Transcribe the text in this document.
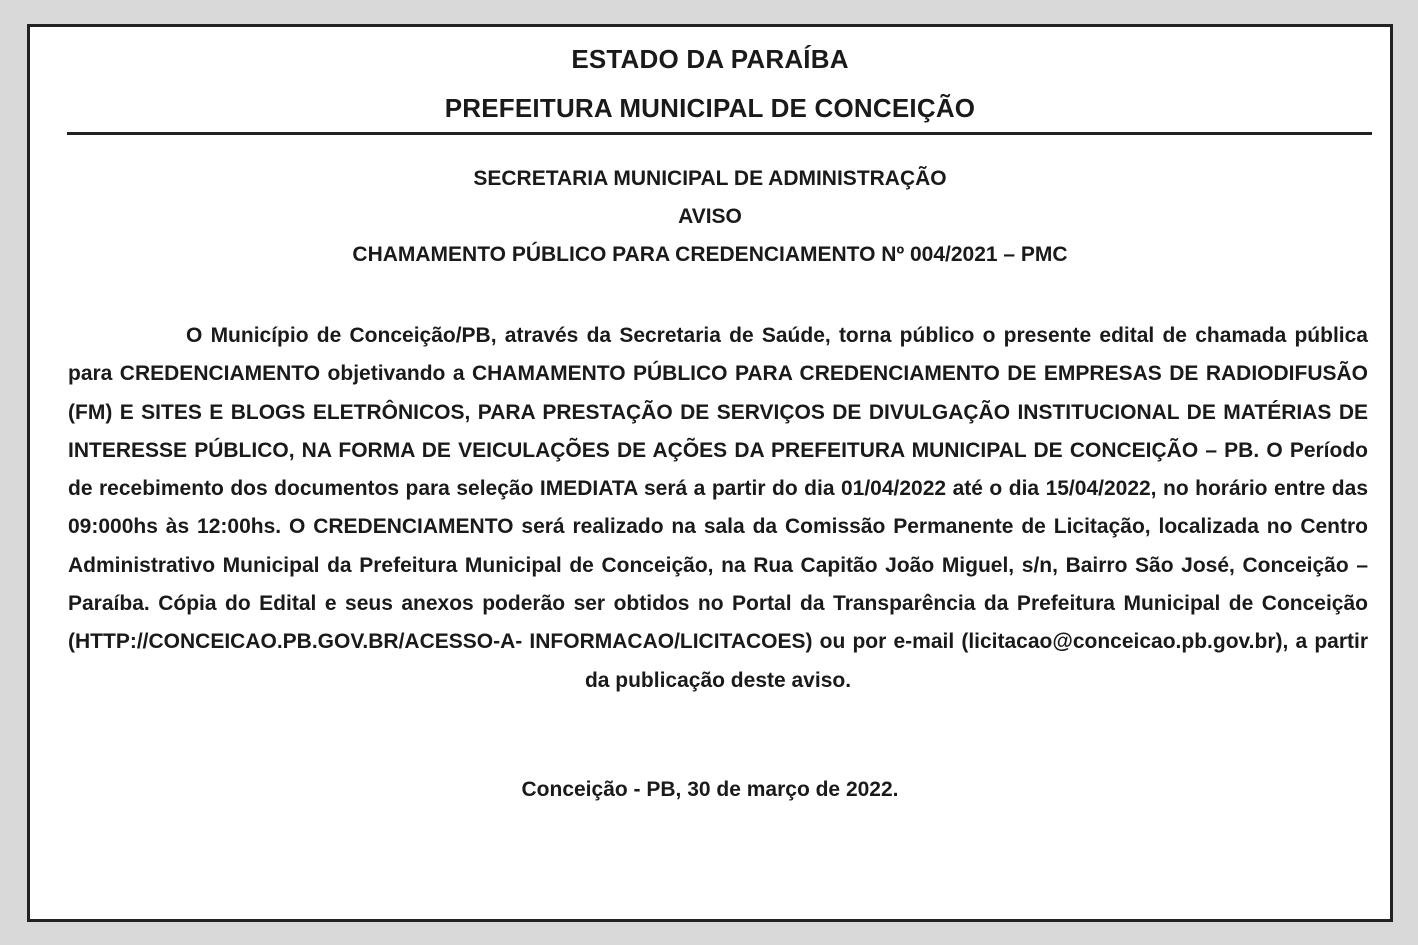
ESTADO DA PARAÍBA
PREFEITURA MUNICIPAL DE CONCEIÇÃO
SECRETARIA MUNICIPAL DE ADMINISTRAÇÃO
AVISO
CHAMAMENTO PÚBLICO PARA CREDENCIAMENTO Nº 004/2021 – PMC

O Município de Conceição/PB, através da Secretaria de Saúde, torna público o presente edital de chamada pública para CREDENCIAMENTO objetivando a CHAMAMENTO PÚBLICO PARA CREDENCIAMENTO DE EMPRESAS DE RADIODIFUSÃO (FM) E SITES E BLOGS ELETRÔNICOS, PARA PRESTAÇÃO DE SERVIÇOS DE DIVULGAÇÃO INSTITUCIONAL DE MATÉRIAS DE INTERESSE PÚBLICO, NA FORMA DE VEICULAÇÕES DE AÇÕES DA PREFEITURA MUNICIPAL DE CONCEIÇÃO – PB. O Período de recebimento dos documentos para seleção IMEDIATA será a partir do dia 01/04/2022 até o dia 15/04/2022, no horário entre das 09:000hs às 12:00hs. O CREDENCIAMENTO será realizado na sala da Comissão Permanente de Licitação, localizada no Centro Administrativo Municipal da Prefeitura Municipal de Conceição, na Rua Capitão João Miguel, s/n, Bairro São José, Conceição – Paraíba. Cópia do Edital e seus anexos poderão ser obtidos no Portal da Transparência da Prefeitura Municipal de Conceição (HTTP://CONCEICAO.PB.GOV.BR/ACESSO-A- INFORMACAO/LICITACOES) ou por e-mail (licitacao@conceicao.pb.gov.br), a partir da publicação deste aviso.

Conceição - PB, 30 de março de 2022.
